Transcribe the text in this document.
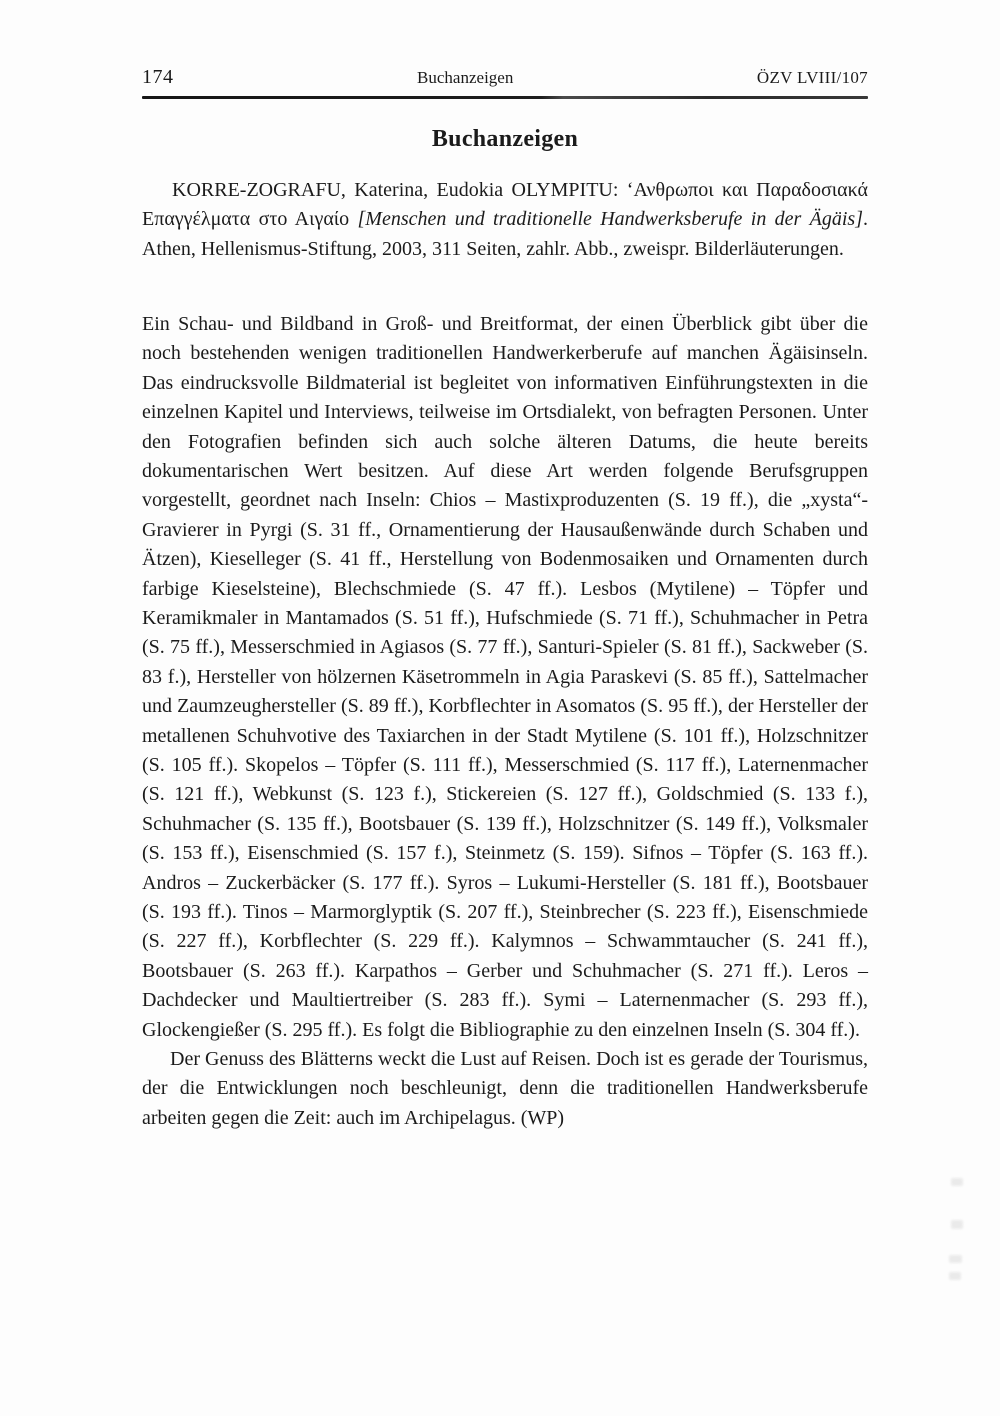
174	Buchanzeigen	ÖZV LVIII/107
Buchanzeigen

KORRE-ZOGRAFU, Katerina, Eudokia OLYMPITU: ‘Ανθρωποι και Παραδοσιακά Επαγγέλματα στο Αιγαίο [Menschen und traditionelle Handwerksberufe in der Ägäis]. Athen, Hellenismus-Stiftung, 2003, 311 Seiten, zahlr. Abb., zweispr. Bilderläuterungen.

Ein Schau- und Bildband in Groß- und Breitformat, der einen Überblick gibt über die noch bestehenden wenigen traditionellen Handwerkerberufe auf manchen Ägäisinseln. Das eindrucksvolle Bildmaterial ist begleitet von informativen Einführungstexten in die einzelnen Kapitel und Interviews, teilweise im Ortsdialekt, von befragten Personen. Unter den Fotografien befinden sich auch solche älteren Datums, die heute bereits dokumentarischen Wert besitzen. Auf diese Art werden folgende Berufsgruppen vorgestellt, geordnet nach Inseln: Chios – Mastixproduzenten (S. 19 ff.), die „xysta“-Gravierer in Pyrgi (S. 31 ff., Ornamentierung der Hausaußenwände durch Schaben und Ätzen), Kieselleger (S. 41 ff., Herstellung von Bodenmosaiken und Ornamenten durch farbige Kieselsteine), Blechschmiede (S. 47 ff.). Lesbos (Mytilene) – Töpfer und Keramikmaler in Mantamados (S. 51 ff.), Hufschmiede (S. 71 ff.), Schuhmacher in Petra (S. 75 ff.), Messerschmied in Agiasos (S. 77 ff.), Santuri-Spieler (S. 81 ff.), Sackweber (S. 83 f.), Hersteller von hölzernen Käsetrommeln in Agia Paraskevi (S. 85 ff.), Sattelmacher und Zaumzeughersteller (S. 89 ff.), Korbflechter in Asomatos (S. 95 ff.), der Hersteller der metallenen Schuhvotive des Taxiarchen in der Stadt Mytilene (S. 101 ff.), Holzschnitzer (S. 105 ff.). Skopelos – Töpfer (S. 111 ff.), Messerschmied (S. 117 ff.), Laternenmacher (S. 121 ff.), Webkunst (S. 123 f.), Stickereien (S. 127 ff.), Goldschmied (S. 133 f.), Schuhmacher (S. 135 ff.), Bootsbauer (S. 139 ff.), Holzschnitzer (S. 149 ff.), Volksmaler (S. 153 ff.), Eisenschmied (S. 157 f.), Steinmetz (S. 159). Sifnos – Töpfer (S. 163 ff.). Andros – Zuckerbäcker (S. 177 ff.). Syros – Lukumi-Hersteller (S. 181 ff.), Bootsbauer (S. 193 ff.). Tinos – Marmorglyptik (S. 207 ff.), Steinbrecher (S. 223 ff.), Eisenschmiede (S. 227 ff.), Korbflechter (S. 229 ff.). Kalymnos – Schwammtaucher (S. 241 ff.), Bootsbauer (S. 263 ff.). Karpathos – Gerber und Schuhmacher (S. 271 ff.). Leros – Dachdecker und Maultiertreiber (S. 283 ff.). Symi – Laternenmacher (S. 293 ff.), Glockengießer (S. 295 ff.). Es folgt die Bibliographie zu den einzelnen Inseln (S. 304 ff.).

Der Genuss des Blätterns weckt die Lust auf Reisen. Doch ist es gerade der Tourismus, der die Entwicklungen noch beschleunigt, denn die traditionellen Handwerksberufe arbeiten gegen die Zeit: auch im Archipelagus. (WP)
